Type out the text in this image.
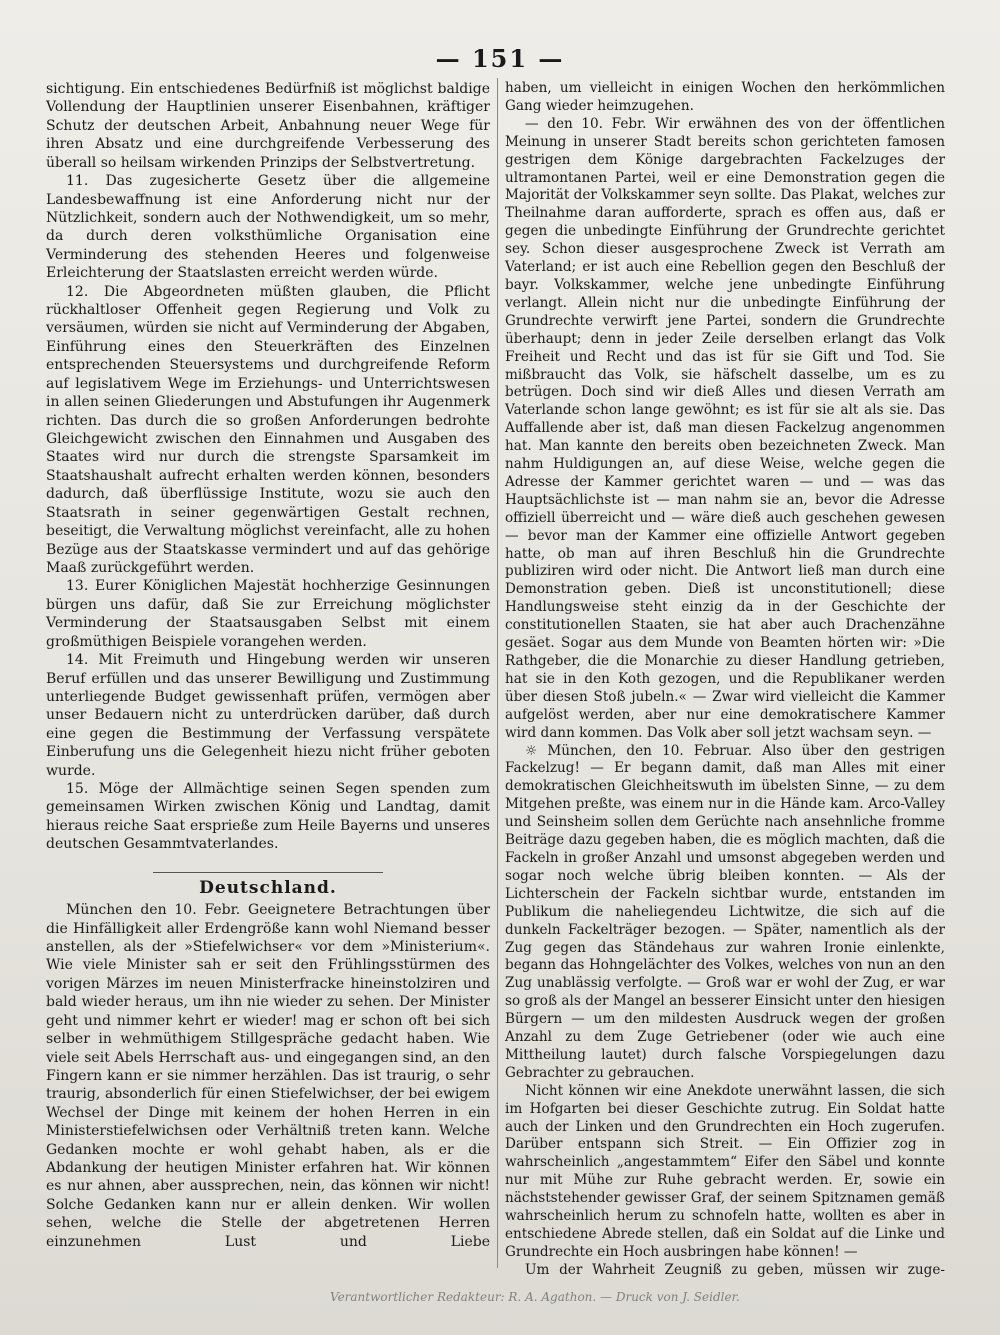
— 151 —

sichtigung. Ein entschiedenes Bedürfniß ist möglichst baldige Vollendung der Hauptlinien unserer Eisenbahnen, kräftiger Schutz der deutschen Arbeit, Anbahnung neuer Wege für ihren Absatz und eine durchgreifende Verbesserung des überall so heilsam wirkenden Prinzips der Selbstvertretung.

11. Das zugesicherte Gesetz über die allgemeine Landesbewaffnung ist eine Anforderung nicht nur der Nützlichkeit, sondern auch der Nothwendigkeit, um so mehr, da durch deren volksthümliche Organisation eine Verminderung des stehenden Heeres und folgenweise Erleichterung der Staatslasten erreicht werden würde.

12. Die Abgeordneten müßten glauben, die Pflicht rückhaltloser Offenheit gegen Regierung und Volk zu versäumen, würden sie nicht auf Verminderung der Abgaben, Einführung eines den Steuerkräften des Einzelnen entsprechenden Steuersystems und durchgreifende Reform auf legislativem Wege im Erziehungs- und Unterrichtswesen in allen seinen Gliederungen und Abstufungen ihr Augenmerk richten. Das durch die so großen Anforderungen bedrohte Gleichgewicht zwischen den Einnahmen und Ausgaben des Staates wird nur durch die strengste Sparsamkeit im Staatshaushalt aufrecht erhalten werden können, besonders dadurch, daß überflüssige Institute, wozu sie auch den Staatsrath in seiner gegenwärtigen Gestalt rechnen, beseitigt, die Verwaltung möglichst vereinfacht, alle zu hohen Bezüge aus der Staatskasse vermindert und auf das gehörige Maaß zurückgeführt werden.

13. Eurer Königlichen Majestät hochherzige Gesinnungen bürgen uns dafür, daß Sie zur Erreichung möglichster Verminderung der Staatsausgaben Selbst mit einem großmüthigen Beispiele vorangehen werden.

14. Mit Freimuth und Hingebung werden wir unseren Beruf erfüllen und das unserer Bewilligung und Zustimmung unterliegende Budget gewissenhaft prüfen, vermögen aber unser Bedauern nicht zu unterdrücken darüber, daß durch eine gegen die Bestimmung der Verfassung verspätete Einberufung uns die Gelegenheit hiezu nicht früher geboten wurde.

15. Möge der Allmächtige seinen Segen spenden zum gemeinsamen Wirken zwischen König und Landtag, damit hieraus reiche Saat ersprieße zum Heile Bayerns und unseres deutschen Gesammtvaterlandes.

Deutschland.

München den 10. Febr. Geeignetere Betrachtungen über die Hinfälligkeit aller Erdengröße kann wohl Niemand besser anstellen, als der »Stiefelwichser« vor dem »Ministerium«. Wie viele Minister sah er seit den Frühlingsstürmen des vorigen Märzes im neuen Ministerfracke hineinstolziren und bald wieder heraus, um ihn nie wieder zu sehen. Der Minister geht und nimmer kehrt er wieder! mag er schon oft bei sich selber in wehmüthigem Stillgespräche gedacht haben. Wie viele seit Abels Herrschaft aus- und eingegangen sind, an den Fingern kann er sie nimmer herzählen. Das ist traurig, o sehr traurig, absonderlich für einen Stiefelwichser, der bei ewigem Wechsel der Dinge mit keinem der hohen Herren in ein Ministerstiefelwichsen oder Verhältniß treten kann. Welche Gedanken mochte er wohl gehabt haben, als er die Abdankung der heutigen Minister erfahren hat. Wir können es nur ahnen, aber aussprechen, nein, das können wir nicht! Solche Gedanken kann nur er allein denken. Wir wollen sehen, welche die Stelle der abgetretenen Herren einzunehmen Lust und Liebe

haben, um vielleicht in einigen Wochen den herkömmlichen Gang wieder heimzugehen.

— den 10. Febr. Wir erwähnen des von der öffentlichen Meinung in unserer Stadt bereits schon gerichteten famosen gestrigen dem Könige dargebrachten Fackelzuges der ultramontanen Partei, weil er eine Demonstration gegen die Majorität der Volkskammer seyn sollte. Das Plakat, welches zur Theilnahme daran aufforderte, sprach es offen aus, daß er gegen die unbedingte Einführung der Grundrechte gerichtet sey. Schon dieser ausgesprochene Zweck ist Verrath am Vaterland; er ist auch eine Rebellion gegen den Beschluß der bayr. Volkskammer, welche jene unbedingte Einführung verlangt. Allein nicht nur die unbedingte Einführung der Grundrechte verwirft jene Partei, sondern die Grundrechte überhaupt; denn in jeder Zeile derselben erlangt das Volk Freiheit und Recht und das ist für sie Gift und Tod. Sie mißbraucht das Volk, sie häfschelt dasselbe, um es zu betrügen. Doch sind wir dieß Alles und diesen Verrath am Vaterlande schon lange gewöhnt; es ist für sie alt als sie. Das Auffallende aber ist, daß man diesen Fackelzug angenommen hat. Man kannte den bereits oben bezeichneten Zweck. Man nahm Huldigungen an, auf diese Weise, welche gegen die Adresse der Kammer gerichtet waren — und — was das Hauptsächlichste ist — man nahm sie an, bevor die Adresse offiziell überreicht und — wäre dieß auch geschehen gewesen — bevor man der Kammer eine offizielle Antwort gegeben hatte, ob man auf ihren Beschluß hin die Grundrechte publiziren wird oder nicht. Die Antwort ließ man durch eine Demonstration geben. Dieß ist unconstitutionell; diese Handlungsweise steht einzig da in der Geschichte der constitutionellen Staaten, sie hat aber auch Drachenzähne gesäet. Sogar aus dem Munde von Beamten hörten wir: »Die Rathgeber, die die Monarchie zu dieser Handlung getrieben, hat sie in den Koth gezogen, und die Republikaner werden über diesen Stoß jubeln.« — Zwar wird vielleicht die Kammer aufgelöst werden, aber nur eine demokratischere Kammer wird dann kommen. Das Volk aber soll jetzt wachsam seyn. —

☼ München, den 10. Februar. Also über den gestrigen Fackelzug! — Er begann damit, daß man Alles mit einer demokratischen Gleichheitswuth im übelsten Sinne, — zu dem Mitgehen preßte, was einem nur in die Hände kam. Arco-Valley und Seinsheim sollen dem Gerüchte nach ansehnliche fromme Beiträge dazu gegeben haben, die es möglich machten, daß die Fackeln in großer Anzahl und umsonst abgegeben werden und sogar noch welche übrig bleiben konnten. — Als der Lichterschein der Fackeln sichtbar wurde, entstanden im Publikum die naheliegendeu Lichtwitze, die sich auf die dunkeln Fackelträger bezogen. — Später, namentlich als der Zug gegen das Ständehaus zur wahren Ironie einlenkte, begann das Hohngelächter des Volkes, welches von nun an den Zug unablässig verfolgte. — Groß war er wohl der Zug, er war so groß als der Mangel an besserer Einsicht unter den hiesigen Bürgern — um den mildesten Ausdruck wegen der großen Anzahl zu dem Zuge Getriebener (oder wie auch eine Mittheilung lautet) durch falsche Vorspiegelungen dazu Gebrachter zu gebrauchen.

Nicht können wir eine Anekdote unerwähnt lassen, die sich im Hofgarten bei dieser Geschichte zutrug. Ein Soldat hatte auch der Linken und den Grundrechten ein Hoch zugerufen. Darüber entspann sich Streit. — Ein Offizier zog in wahrscheinlich „angestammtem“ Eifer den Säbel und konnte nur mit Mühe zur Ruhe gebracht werden. Er, sowie ein nächststehender gewisser Graf, der seinem Spitznamen gemäß wahrscheinlich herum zu schnofeln hatte, wollten es aber in entschiedene Abrede stellen, daß ein Soldat auf die Linke und Grundrechte ein Hoch ausbringen habe können! —

Um der Wahrheit Zeugniß zu geben, müssen wir zuge-

Verantwortlicher Redakteur: R. A. Agathon. — Druck von J. Seidler.
